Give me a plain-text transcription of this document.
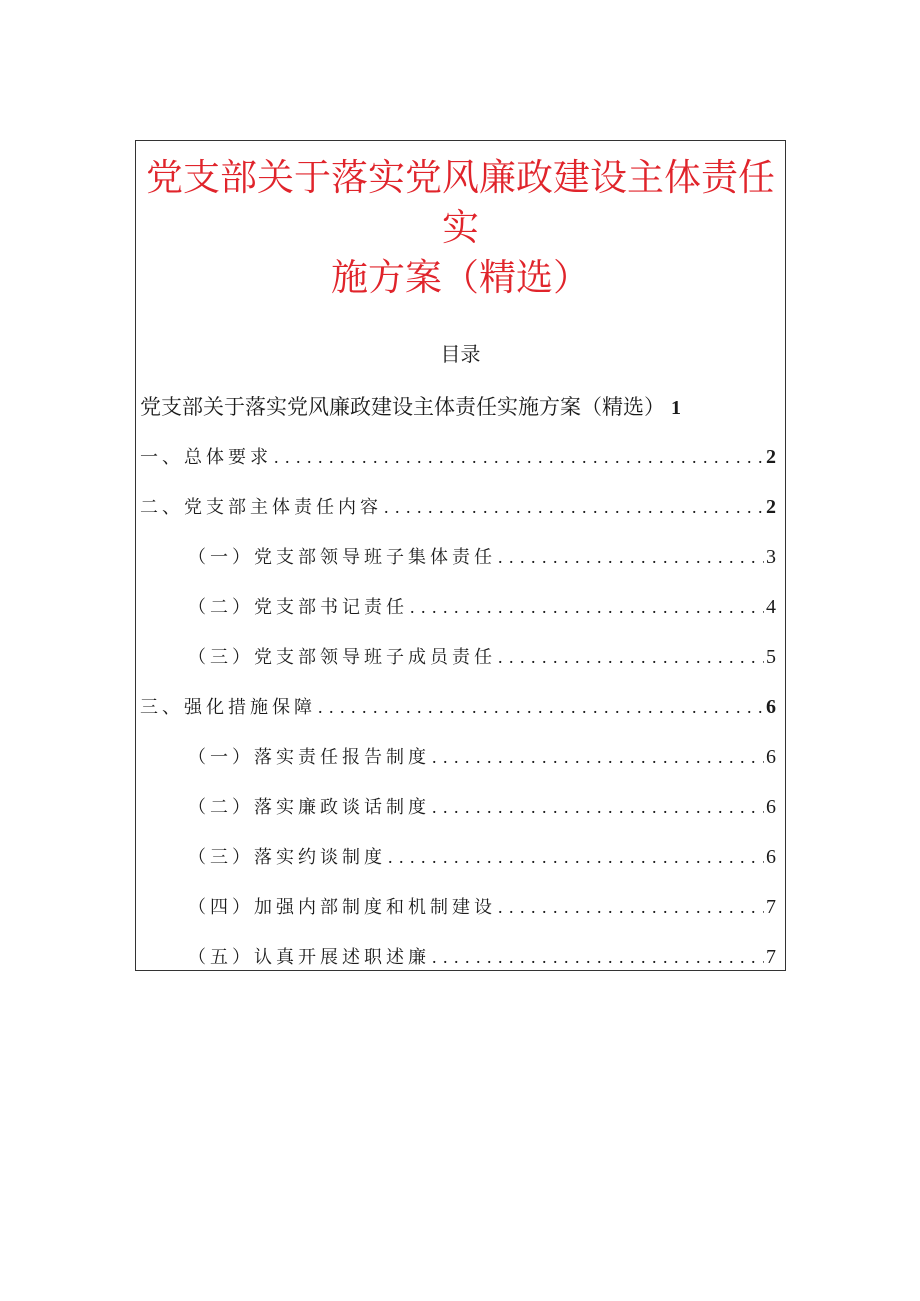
党支部关于落实党风廉政建设主体责任实
施方案（精选）
目录
党支部关于落实党风廉政建设主体责任实施方案（精选） 1
一、总体要求 .....	2
二、党支部主体责任内容 .....	2
（一）党支部领导班子集体责任 .....	3
（二）党支部书记责任 .....	4
（三）党支部领导班子成员责任 .....	5
三、强化措施保障 .....	6
（一）落实责任报告制度 .....	6
（二）落实廉政谈话制度 .....	6
（三）落实约谈制度 .....	6
（四）加强内部制度和机制建设 .....	7
（五）认真开展述职述廉 .....	7
